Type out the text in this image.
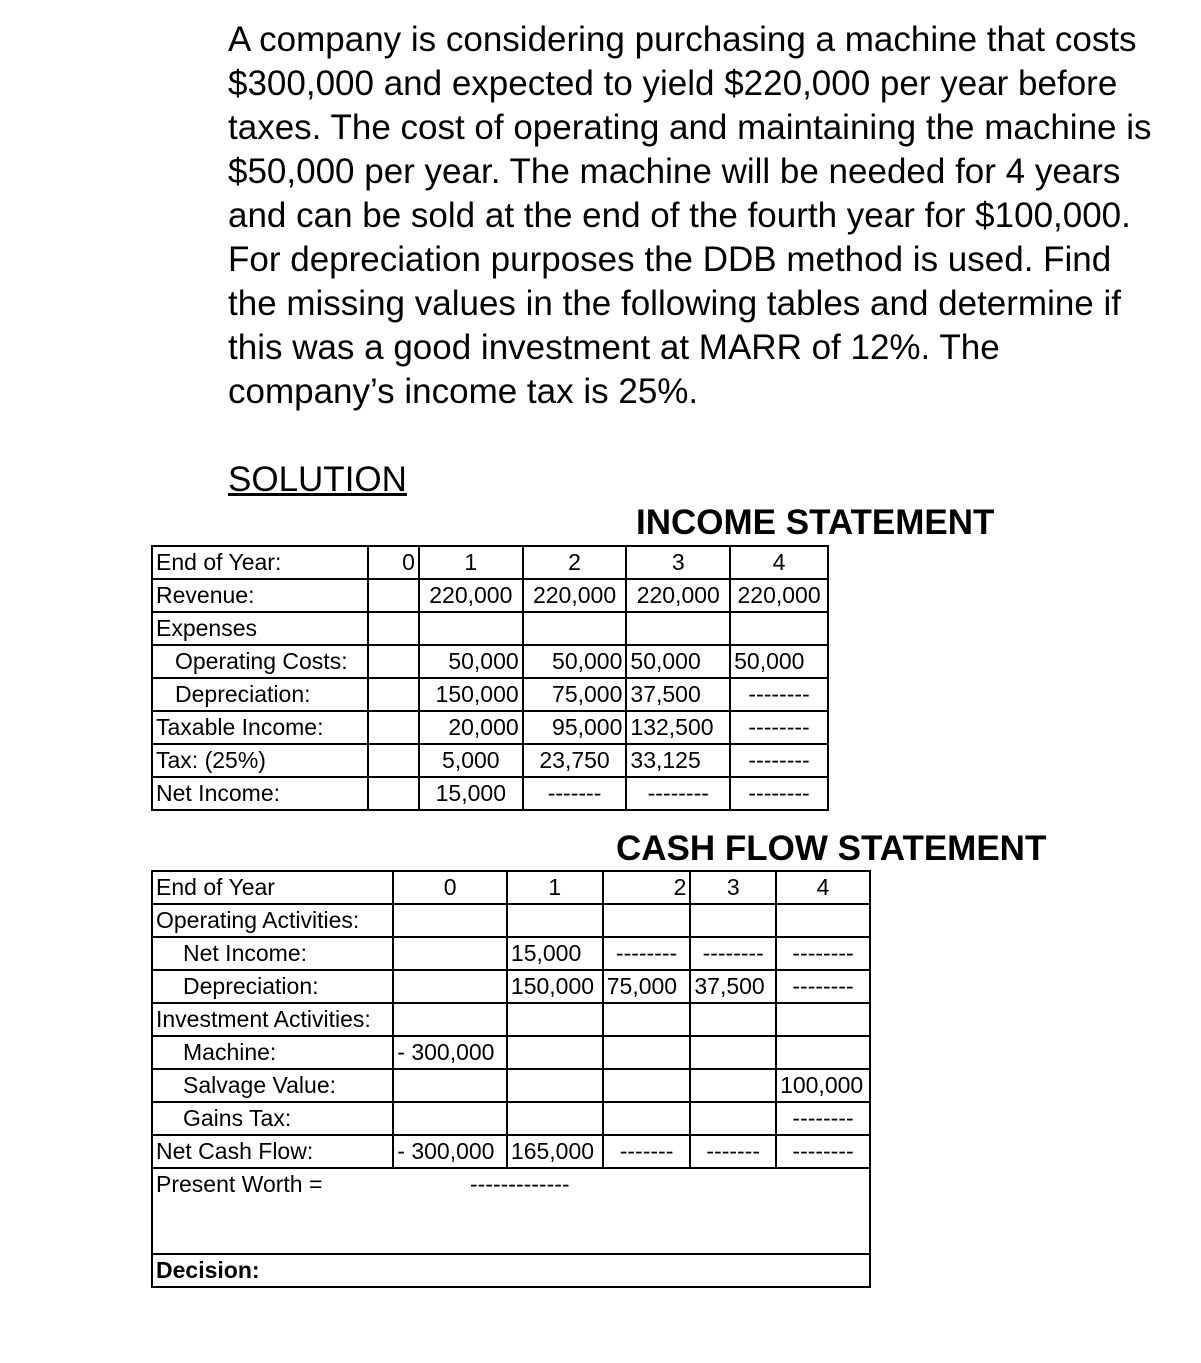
A company is considering purchasing a machine that costs $300,000 and expected to yield $220,000 per year before taxes. The cost of operating and maintaining the machine is $50,000 per year. The machine will be needed for 4 years and can be sold at the end of the fourth year for $100,000. For depreciation purposes the DDB method is used. Find the missing values in the following tables and determine if this was a good investment at MARR of 12%. The company’s income tax is 25%.
SOLUTION
INCOME STATEMENT
End of Year:	0	1	2	3	4
Revenue:		220,000	220,000	220,000	220,000
Expenses					
Operating Costs:		50,000	50,000	50,000	50,000
Depreciation:		150,000	75,000	37,500	--------
Taxable Income:		20,000	95,000	132,500	--------
Tax: (25%)		5,000	23,750	33,125	--------
Net Income:		15,000	-------	--------	--------
CASH FLOW STATEMENT
End of Year	0	1	2	3	4
Operating Activities:					
Net Income:		15,000	--------	--------	--------
Depreciation:		150,000	75,000	37,500	--------
Investment Activities:					
Machine:	- 300,000				
Salvage Value:					100,000
Gains Tax:					--------
Net Cash Flow:	- 300,000	165,000	-------	-------	--------
Present Worth = -------------					

Decision:					
